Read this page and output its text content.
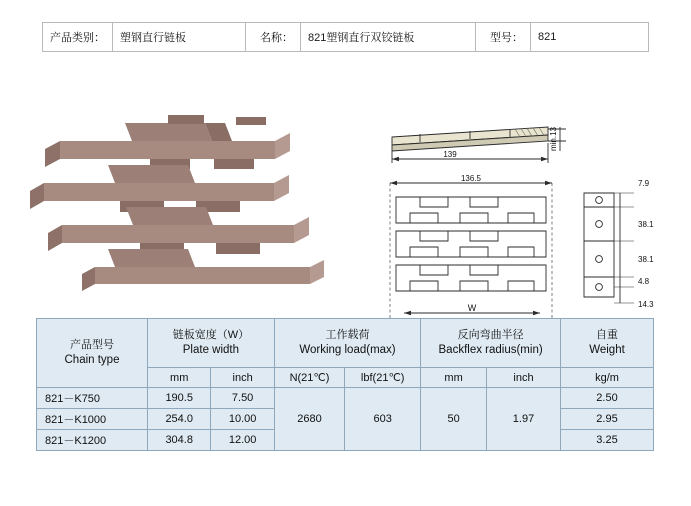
产品类别：	塑钢直行链板	名称：	821塑钢直行双铰链板	型号：	821
139
min.13
136.5
W
7.9
38.1
38.1
4.8
14.3
产品型号
Chain type

链板宽度（W）
Plate width

工作载荷
Working load(max)

反向弯曲半径
Backflex radius(min)

自重
Weight

	mm	inch	N(21℃)	lbf(21℃)	mm	inch	kg/m
821－K750	190.5	7.50	2680	603	50	1.97	2.50
821－K1000	254.0	10.00					2.95
821－K1200	304.8	12.00					3.25
